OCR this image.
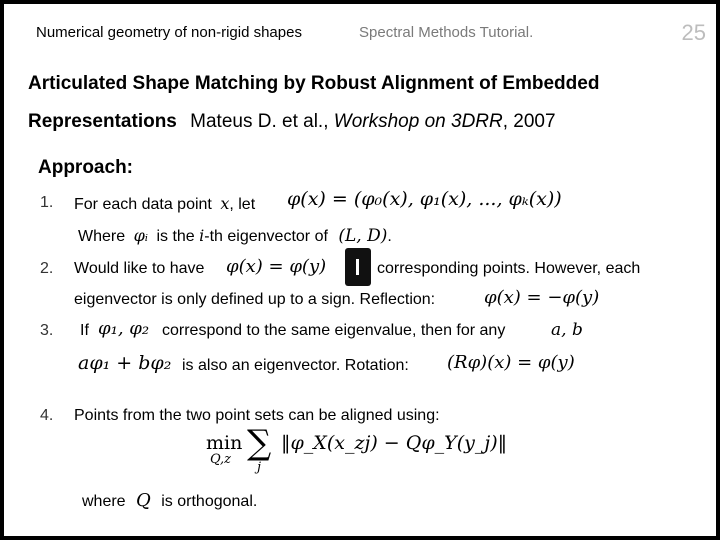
Numerical geometry of non-rigid shapes	Spectral Methods Tutorial.	25
Articulated Shape Matching by Robust Alignment of Embedded
Representations Mateus D. et al., Workshop on 3DRR, 2007
Approach:
1. For each data point x, let φ(x) = (φ₀(x), φ₁(x), ..., φₖ(x))
Where φᵢ is the i-th eigenvector of (L, D).
2. Would like to have φ(x) = φ(y)	corresponding points. However, each
eigenvector is only defined up to a sign. Reflection:	φ(x) = −φ(y)
3. If φ₁, φ₂ correspond to the same eigenvalue, then for any	a, b
aφ₁ + bφ₂ is also an eigenvector. Rotation: (Rφ)(x) = φ(y)
4. Points from the two point sets can be aligned using:
min
Q,z ∑
j
‖φ_X(x_zj) − Qφ_Y(y_j)‖
where Q is orthogonal.
